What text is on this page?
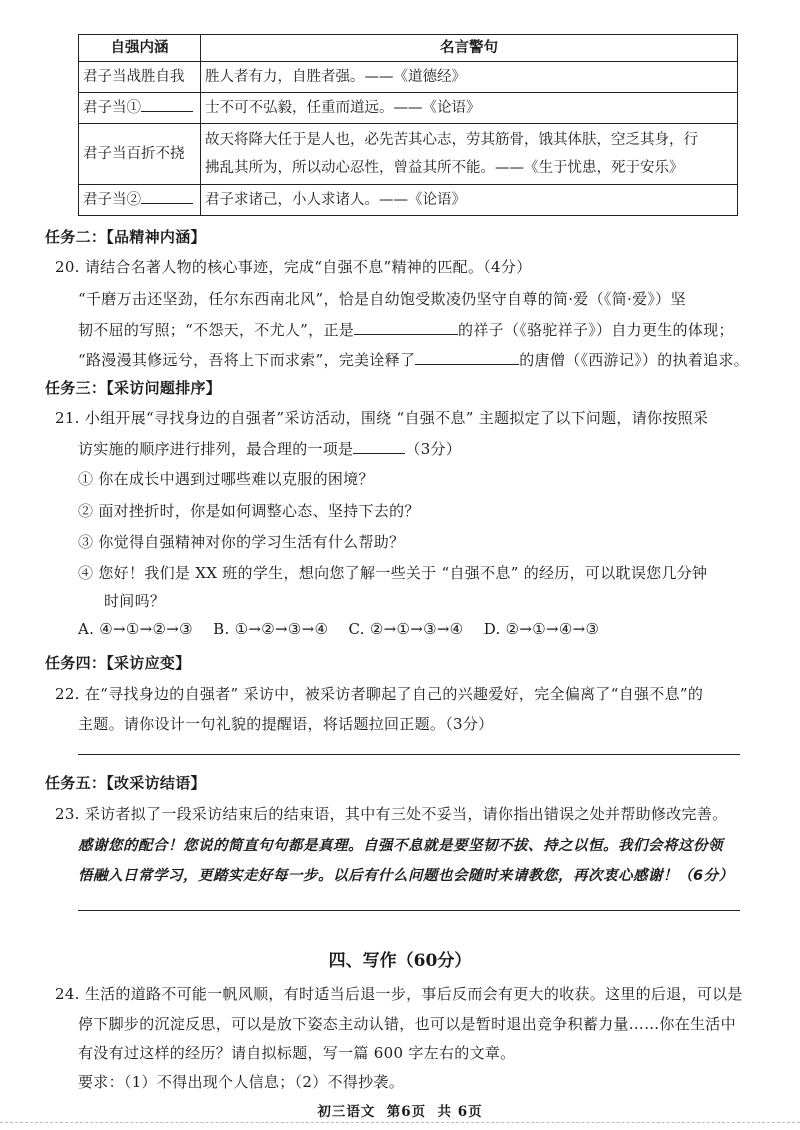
自强内涵	名言警句
君子当战胜自我	胜人者有力，自胜者强。——《道德经》
君子当①	士不可不弘毅，任重而道远。——《论语》
君子当百折不挠	故天将降大任于是人也，必先苦其心志，劳其筋骨，饿其体肤，空乏其身，行
拂乱其所为，所以动心忍性，曾益其所不能。——《生于忧患，死于安乐》

君子当②	君子求诸己，小人求诸人。——《论语》
任务二：【品精神内涵】
20. 请结合名著人物的核心事迹，完成“自强不息”精神的匹配。（4分）
“千磨万击还坚劲，任尔东西南北风”，恰是自幼饱受欺凌仍坚守自尊的简·爱（《简·爱》）坚
韧不屈的写照；“不怨天，不尤人”，正是	的祥子（《骆驼祥子》）自力更生的体现；
“路漫漫其修远兮，吾将上下而求索”，完美诠释了	的唐僧（《西游记》）的执着追求。
任务三：【采访问题排序】
21. 小组开展“寻找身边的自强者”采访活动，围绕 “自强不息” 主题拟定了以下问题，请你按照采
访实施的顺序进行排列，最合理的一项是	（3分）
① 你在成长中遇到过哪些难以克服的困境？
② 面对挫折时，你是如何调整心态、坚持下去的？
③ 你觉得自强精神对你的学习生活有什么帮助？
④ 您好！我们是 XX 班的学生，想向您了解一些关于 “自强不息” 的经历，可以耽误您几分钟
时间吗？
A. ④→①→②→③    B. ①→②→③→④    C. ②→①→③→④    D. ②→①→④→③
任务四：【采访应变】
22. 在“寻找身边的自强者” 采访中，被采访者聊起了自己的兴趣爱好，完全偏离了“自强不息”的
主题。请你设计一句礼貌的提醒语，将话题拉回正题。（3分）
任务五：【改采访结语】
23. 采访者拟了一段采访结束后的结束语，其中有三处不妥当，请你指出错误之处并帮助修改完善。
感谢您的配合！您说的简直句句都是真理。自强不息就是要坚韧不拔、持之以恒。我们会将这份领
悟融入日常学习，更踏实走好每一步。以后有什么问题也会随时来请教您，再次衷心感谢！（6分）
四、写作（60分）
24. 生活的道路不可能一帆风顺，有时适当后退一步，事后反而会有更大的收获。这里的后退，可以是
停下脚步的沉淀反思，可以是放下姿态主动认错，也可以是暂时退出竞争积蓄力量……你在生活中
有没有过这样的经历？请自拟标题，写一篇 600 字左右的文章。
要求：（1）不得出现个人信息；（2）不得抄袭。
初三语文  第6页  共 6页
